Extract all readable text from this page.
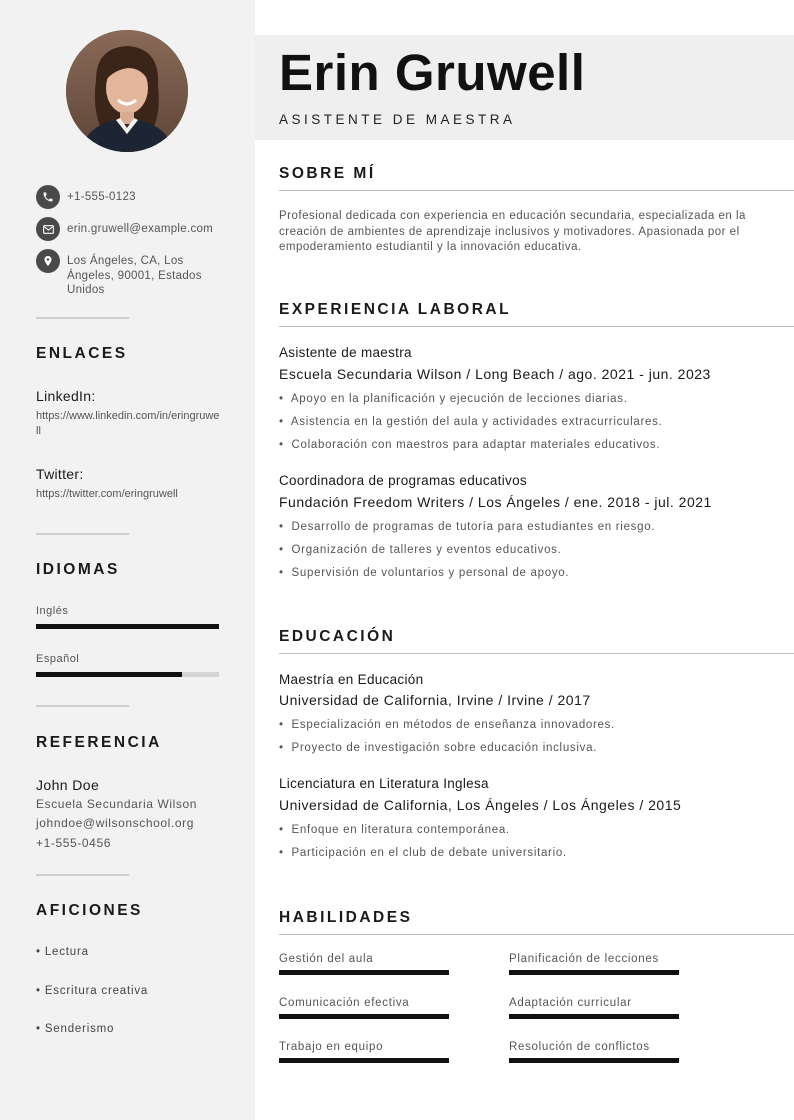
+1-555-0123
erin.gruwell@example.com
Los Ángeles, CA, Los Ángeles, 90001, Estados Unidos
ENLACES
LinkedIn:
https://www.linkedin.com/in/eringruwell
Twitter:
https://twitter.com/eringruwell
IDIOMAS
Inglés
Español
REFERENCIA
John Doe
Escuela Secundaria Wilson
johndoe@wilsonschool.org
+1-555-0456
AFICIONES
• Lectura
• Escritura creativa
• Senderismo
Erin Gruwell
ASISTENTE DE MAESTRA
SOBRE MÍ
Profesional dedicada con experiencia en educación secundaria, especializada en la creación de ambientes de aprendizaje inclusivos y motivadores. Apasionada por el empoderamiento estudiantil y la innovación educativa.
EXPERIENCIA LABORAL
Asistente de maestra
Escuela Secundaria Wilson / Long Beach / ago. 2021 - jun. 2023
•  Apoyo en la planificación y ejecución de lecciones diarias.
•  Asistencia en la gestión del aula y actividades extracurriculares.
•  Colaboración con maestros para adaptar materiales educativos.
Coordinadora de programas educativos
Fundación Freedom Writers / Los Ángeles / ene. 2018 - jul. 2021
•  Desarrollo de programas de tutoría para estudiantes en riesgo.
•  Organización de talleres y eventos educativos.
•  Supervisión de voluntarios y personal de apoyo.
EDUCACIÓN
Maestría en Educación
Universidad de California, Irvine / Irvine / 2017
•  Especialización en métodos de enseñanza innovadores.
•  Proyecto de investigación sobre educación inclusiva.
Licenciatura en Literatura Inglesa
Universidad de California, Los Ángeles / Los Ángeles / 2015
•  Enfoque en literatura contemporánea.
•  Participación en el club de debate universitario.
HABILIDADES
Gestión del aula	Planificación de lecciones
Comunicación efectiva	Adaptación curricular
Trabajo en equipo	Resolución de conflictos
